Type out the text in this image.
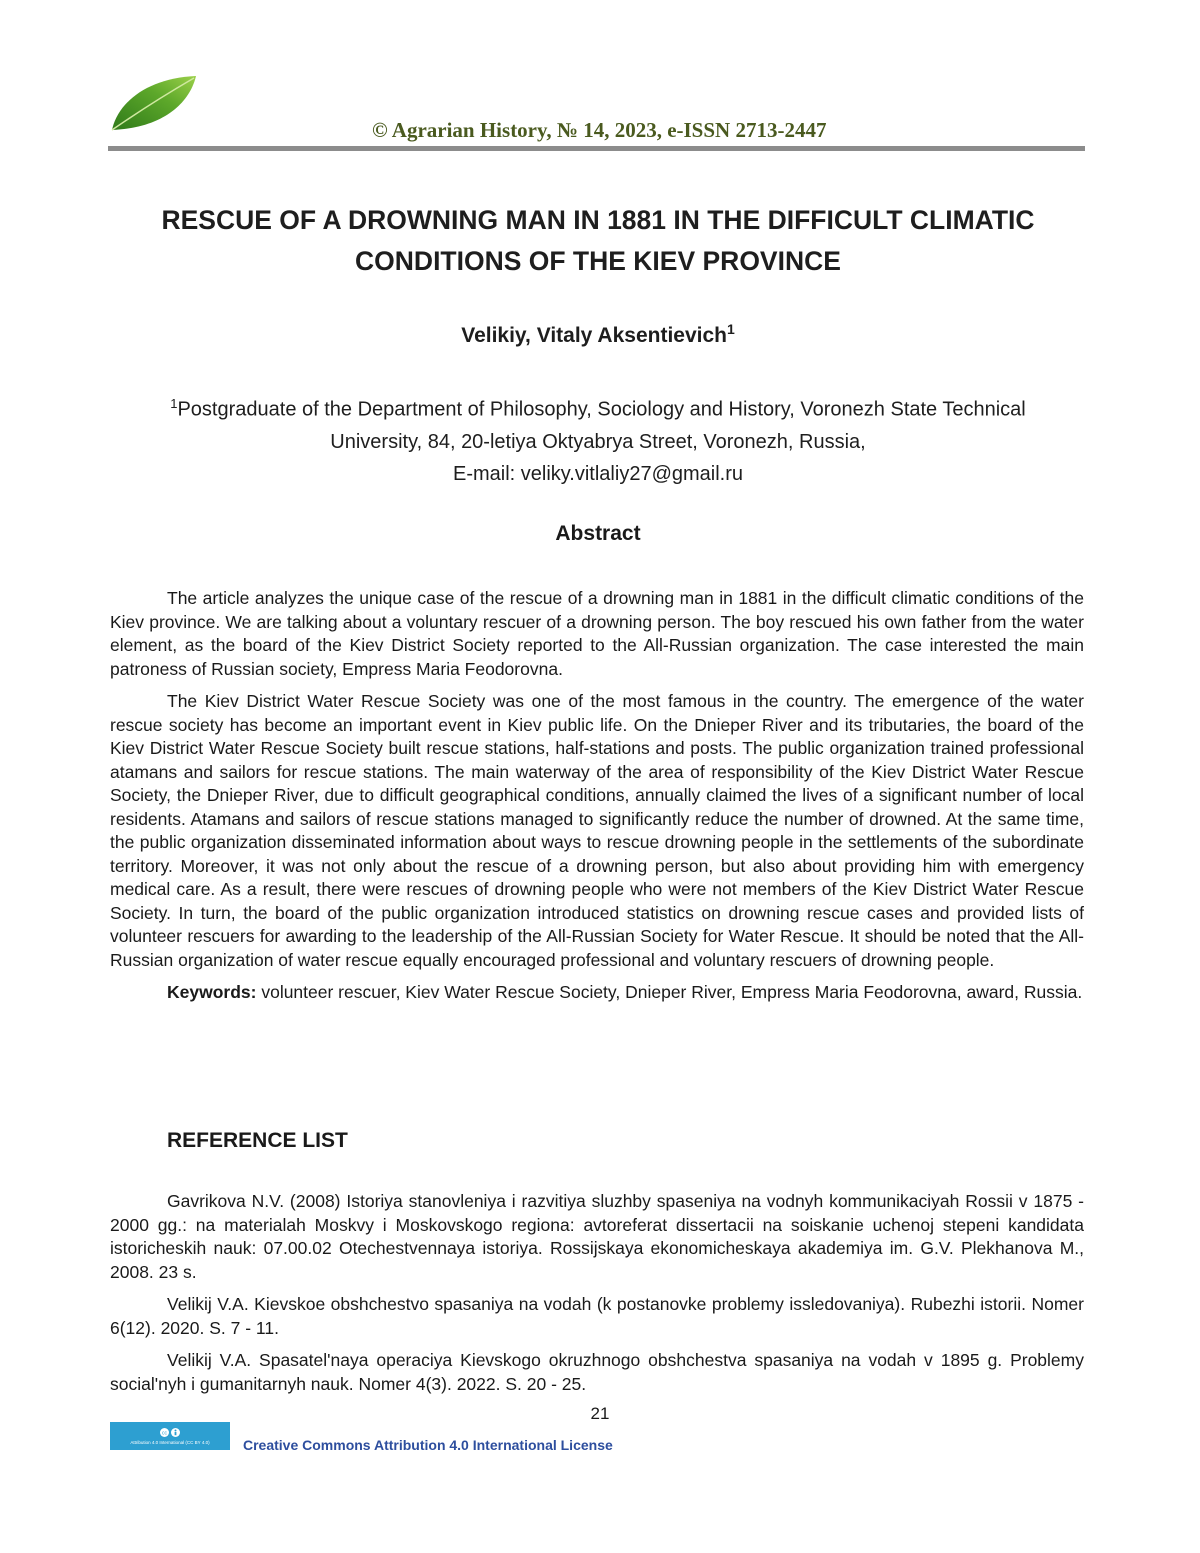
© Agrarian History, № 14, 2023, e-ISSN 2713-2447
RESCUE OF A DROWNING MAN IN 1881 IN THE DIFFICULT CLIMATIC
CONDITIONS OF THE KIEV PROVINCE
Velikiy, Vitaly Aksentievich$^1$
$^1$Postgraduate of the Department of Philosophy, Sociology and History, Voronezh State Technical
University, 84, 20-letiya Oktyabrya Street, Voronezh, Russia,
E-mail: veliky.vitlaliy27@gmail.ru
Abstract

The article analyzes the unique case of the rescue of a drowning man in 1881 in the difficult climatic conditions of the Kiev province. We are talking about a voluntary rescuer of a drowning person. The boy rescued his own father from the water element, as the board of the Kiev District Society reported to the All-Russian organization. The case interested the main patroness of Russian society, Empress Maria Feodorovna.

The Kiev District Water Rescue Society was one of the most famous in the country. The emergence of the water rescue society has become an important event in Kiev public life. On the Dnieper River and its tributaries, the board of the Kiev District Water Rescue Society built rescue stations, half-stations and posts. The public organization trained professional atamans and sailors for rescue stations. The main waterway of the area of responsibility of the Kiev District Water Rescue Society, the Dnieper River, due to difficult geographical conditions, annually claimed the lives of a significant number of local residents. Atamans and sailors of rescue stations managed to significantly reduce the number of drowned. At the same time, the public organization disseminated information about ways to rescue drowning people in the settlements of the subordinate territory. Moreover, it was not only about the rescue of a drowning person, but also about providing him with emergency medical care. As a result, there were rescues of drowning people who were not members of the Kiev District Water Rescue Society. In turn, the board of the public organization introduced statistics on drowning rescue cases and provided lists of volunteer rescuers for awarding to the leadership of the All-Russian Society for Water Rescue. It should be noted that the All-Russian organization of water rescue equally encouraged professional and voluntary rescuers of drowning people.

Keywords: volunteer rescuer, Kiev Water Rescue Society, Dnieper River, Empress Maria Feodorovna, award, Russia.

REFERENCE LIST

Gavrikova N.V. (2008) Istoriya stanovleniya i razvitiya sluzhby spaseniya na vodnyh kommunikaciyah Rossii v 1875 - 2000 gg.: na materialah Moskvy i Moskovskogo regiona: avtoreferat dissertacii na soiskanie uchenoj stepeni kandidata istoricheskih nauk: 07.00.02 Otechestvennaya istoriya. Rossijskaya ekonomicheskaya akademiya im. G.V. Plekhanova M., 2008. 23 s.

Velikij V.A. Kievskoe obshchestvo spasaniya na vodah (k postanovke problemy issledovaniya). Rubezhi istorii. Nomer 6(12). 2020. S. 7 - 11.

Velikij V.A. Spasatel'naya operaciya Kievskogo okruzhnogo obshchestva spasaniya na vodah v 1895 g. Problemy social'nyh i gumanitarnyh nauk. Nomer 4(3). 2022. S. 20 - 25.

21
cc
Attribution 4.0 International (CC BY 4.0) Creative Commons Attribution 4.0 International License
